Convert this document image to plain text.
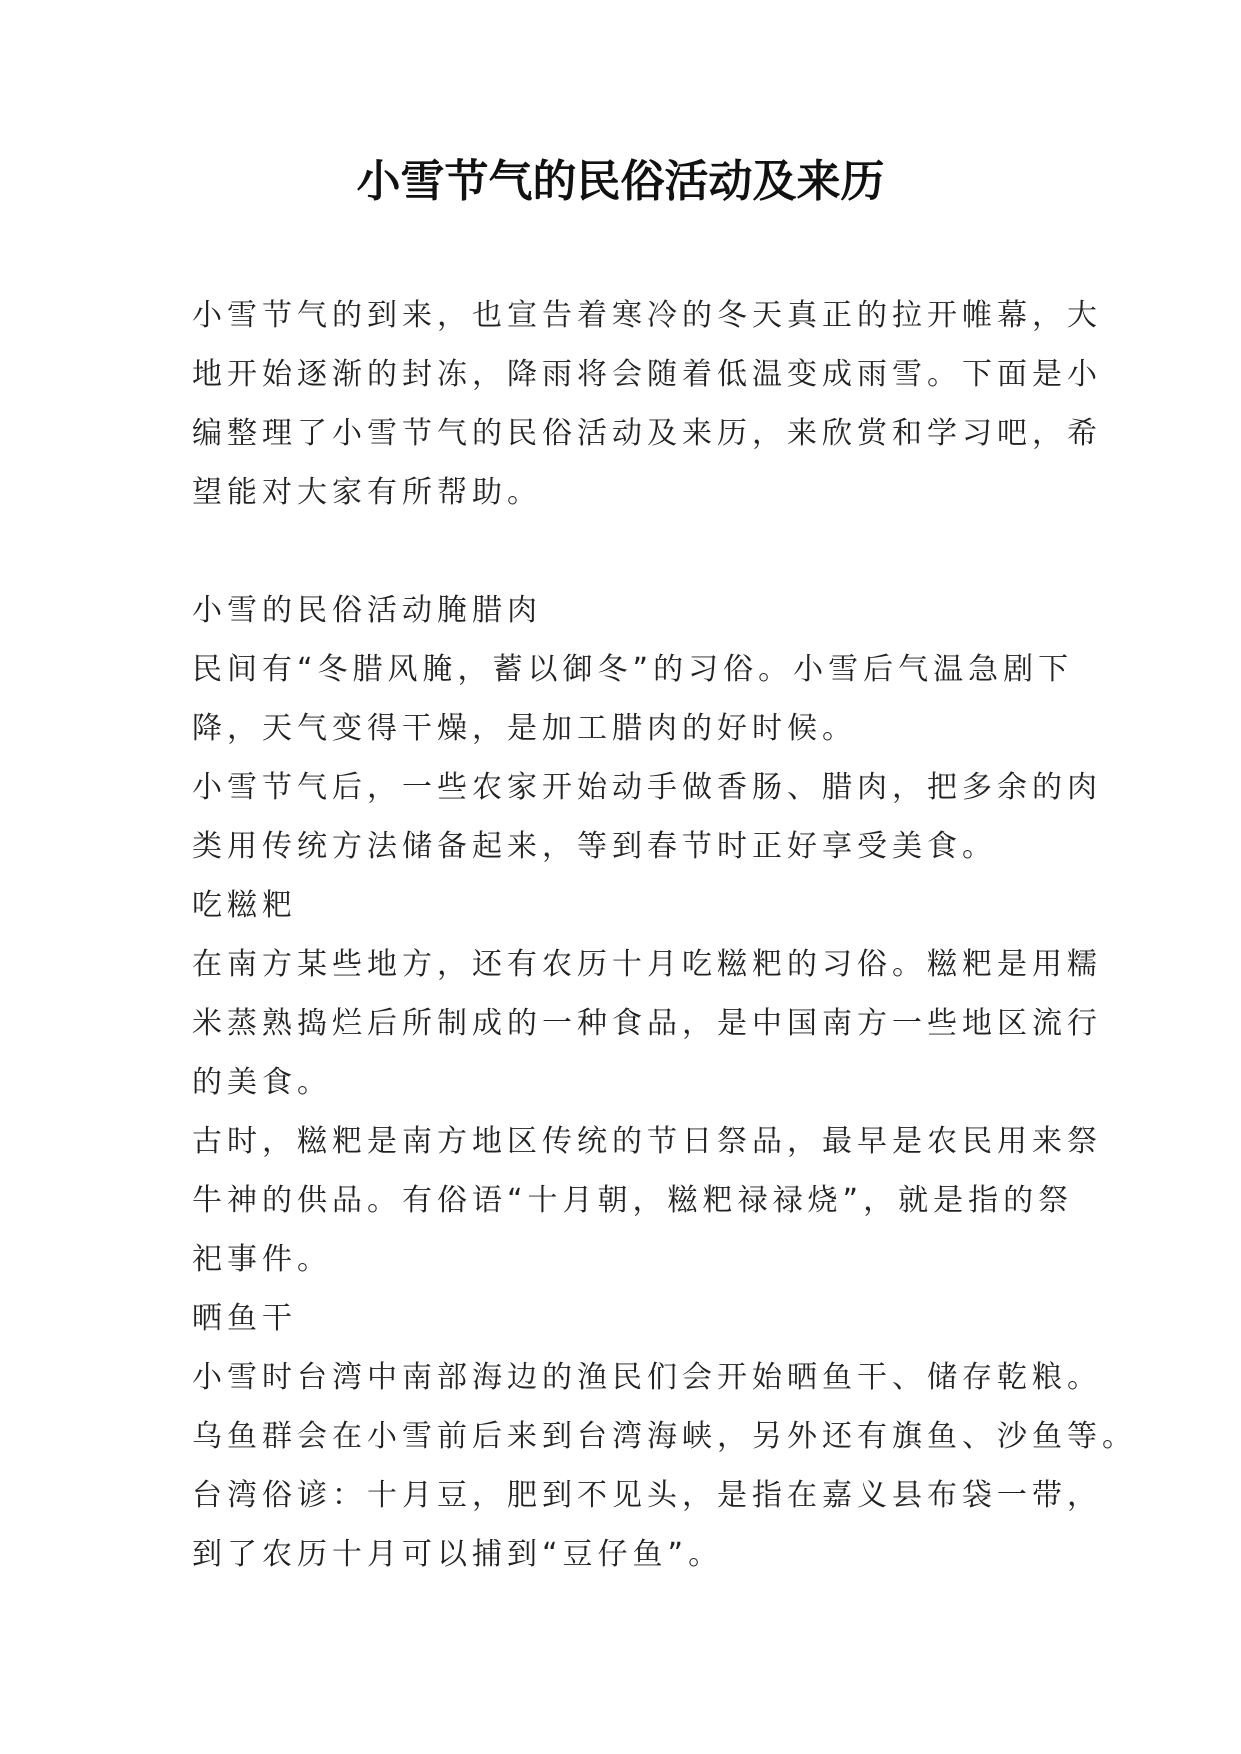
小雪节气的民俗活动及来历

小雪节气的到来，也宣告着寒冷的冬天真正的拉开帷幕，大
地开始逐渐的封冻，降雨将会随着低温变成雨雪。下面是小
编整理了小雪节气的民俗活动及来历，来欣赏和学习吧，希
望能对大家有所帮助。

小雪的民俗活动腌腊肉

民间有“冬腊风腌，蓄以御冬”的习俗。小雪后气温急剧下
降，天气变得干燥，是加工腊肉的好时候。

小雪节气后，一些农家开始动手做香肠、腊肉，把多余的肉
类用传统方法储备起来，等到春节时正好享受美食。

吃糍粑

在南方某些地方，还有农历十月吃糍粑的习俗。糍粑是用糯
米蒸熟捣烂后所制成的一种食品，是中国南方一些地区流行
的美食。

古时，糍粑是南方地区传统的节日祭品，最早是农民用来祭
牛神的供品。有俗语“十月朝，糍粑禄禄烧”，就是指的祭
祀事件。

晒鱼干

小雪时台湾中南部海边的渔民们会开始晒鱼干、储存乾粮。
乌鱼群会在小雪前后来到台湾海峡，另外还有旗鱼、沙鱼等。
台湾俗谚：十月豆，肥到不见头，是指在嘉义县布袋一带，
到了农历十月可以捕到“豆仔鱼”。
